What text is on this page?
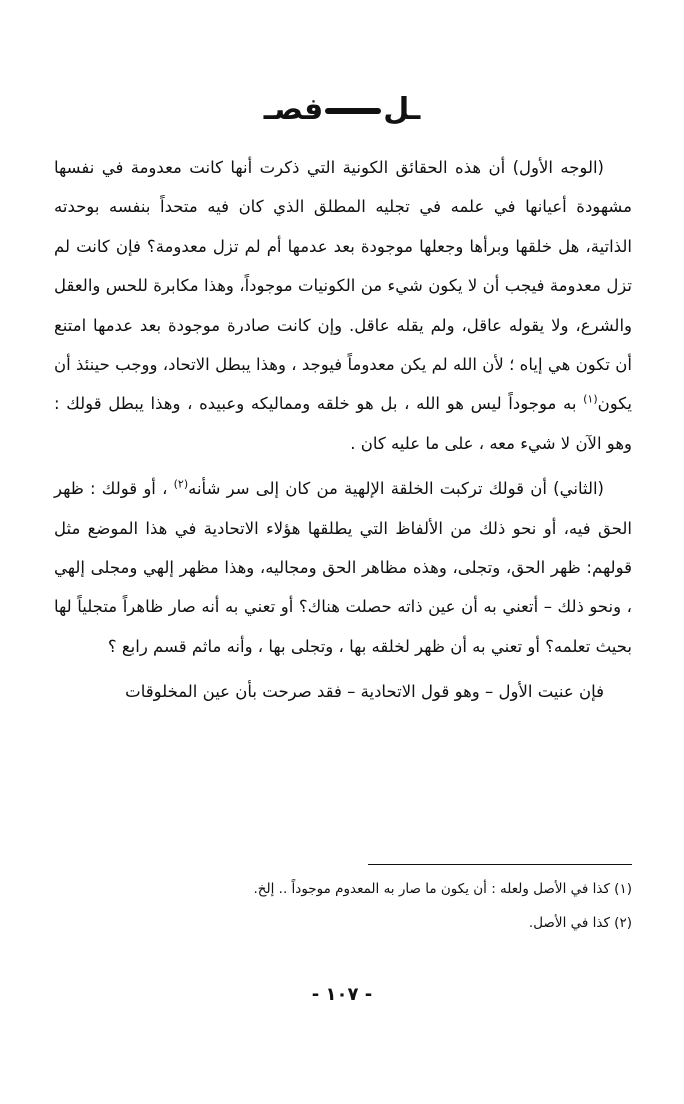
ـلفصـ

(الوجه الأول) أن هذه الحقائق الكونية التي ذكرت أنها كانت معدومة في نفسها مشهودة أعيانها في علمه في تجليه المطلق الذي كان فيه متحداً بنفسه بوحدته الذاتية، هل خلقها وبرأها وجعلها موجودة بعد عدمها أم لم تزل معدومة؟ فإن كانت لم تزل معدومة فيجب أن لا يكون شيء من الكونيات موجوداً، وهذا مكابرة للحس والعقل والشرع، ولا يقوله عاقل، ولم يقله عاقل. وإن كانت صادرة موجودة بعد عدمها امتنع أن تكون هي إياه ؛ لأن الله لم يكن معدوماً فيوجد ، وهذا يبطل الاتحاد، ووجب حينئذ أن يكون$^{(١)}$ به موجوداً ليس هو الله ، بل هو خلقه ومماليكه وعبيده ، وهذا يبطل قولك : وهو الآن لا شيء معه ، على ما عليه كان .

(الثاني) أن قولك تركبت الخلقة الإلهية من كان إلى سر شأنه$^{(٢)}$ ، أو قولك : ظهر الحق فيه، أو نحو ذلك من الألفاظ التي يطلقها هؤلاء الاتحادية في هذا الموضع مثل قولهم: ظهر الحق، وتجلى، وهذه مظاهر الحق ومجاليه، وهذا مظهر إلهي ومجلى إلهي ، ونحو ذلك – أتعني به أن عين ذاته حصلت هناك؟ أو تعني به أنه صار ظاهراً متجلياً لها بحيث تعلمه؟ أو تعني به أن ظهر لخلقه بها ، وتجلى بها ، وأنه ماثم قسم رابع ؟

فإن عنيت الأول – وهو قول الاتحادية – فقد صرحت بأن عين المخلوقات

(١) كذا في الأصل ولعله : أن يكون ما صار به المعدوم موجوداً .. إلخ.
(٢) كذا في الأصل.
- ١٠٧ -
